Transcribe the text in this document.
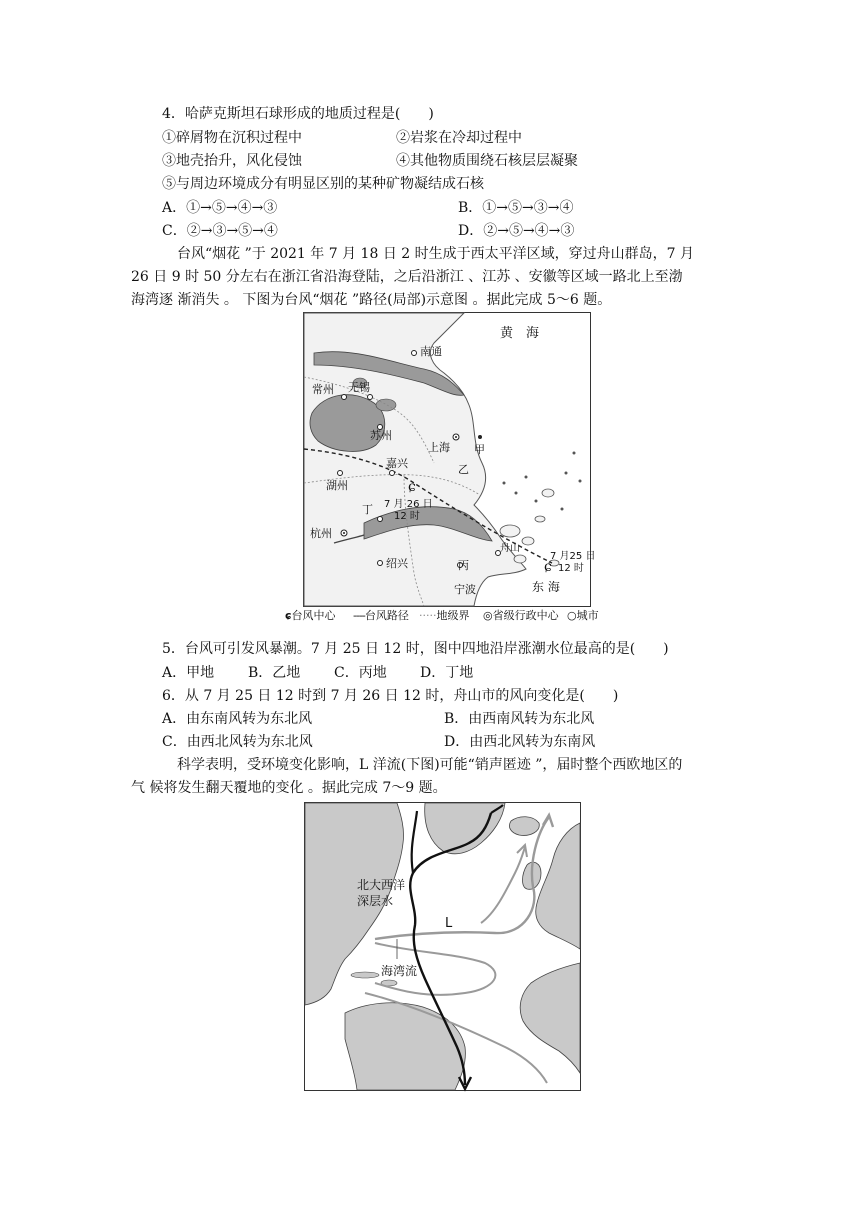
4．哈萨克斯坦石球形成的地质过程是(　　)
①碎屑物在沉积过程中	②岩浆在冷却过程中
③地壳抬升，风化侵蚀	④其他物质围绕石核层层凝聚
⑤与周边环境成分有明显区别的某种矿物凝结成石核
A．①→⑤→④→③	B．①→⑤→③→④
C．②→③→⑤→④	D．②→⑤→④→③
台风“烟花 ”于 2021 年 7 月 18 日 2 时生成于西太平洋区域，穿过舟山群岛，7 月
26 日 9 时 50 分左右在浙江省沿海登陆，之后沿浙江 、江苏 、安徽等区域一路北上至渤
海湾逐 渐消失 。 下图为台风“烟花 ”路径(局部)示意图 。据此完成 5～6 题。
ɕ
ɕ
黄　海
南通
常州 无锡
苏州
上海 甲
乙
湖州
嘉兴
丁 7 月 26 日
12 时
杭州
绍兴	丙
宁波
舟山
7 月25 日
12 时
东 海
ɕ台风中心 ----台风路径 ·····地级界 ◎省级行政中心 ○城市
5．台风可引发风暴潮。7 月 25 日 12 时，图中四地沿岸涨潮水位最高的是(　　)
A．甲地 B．乙地 C．丙地 D．丁地
6．从 7 月 25 日 12 时到 7 月 26 日 12 时，舟山市的风向变化是(　　)
A．由东南风转为东北风	B．由西南风转为东北风
C．由西北风转为东北风	D．由西北风转为东南风
科学表明，受环境变化影响，L 洋流(下图)可能“销声匿迹 ”，届时整个西欧地区的
气 候将发生翻天覆地的变化 。据此完成 7～9 题。
北大西洋
深层水
L
海湾流
